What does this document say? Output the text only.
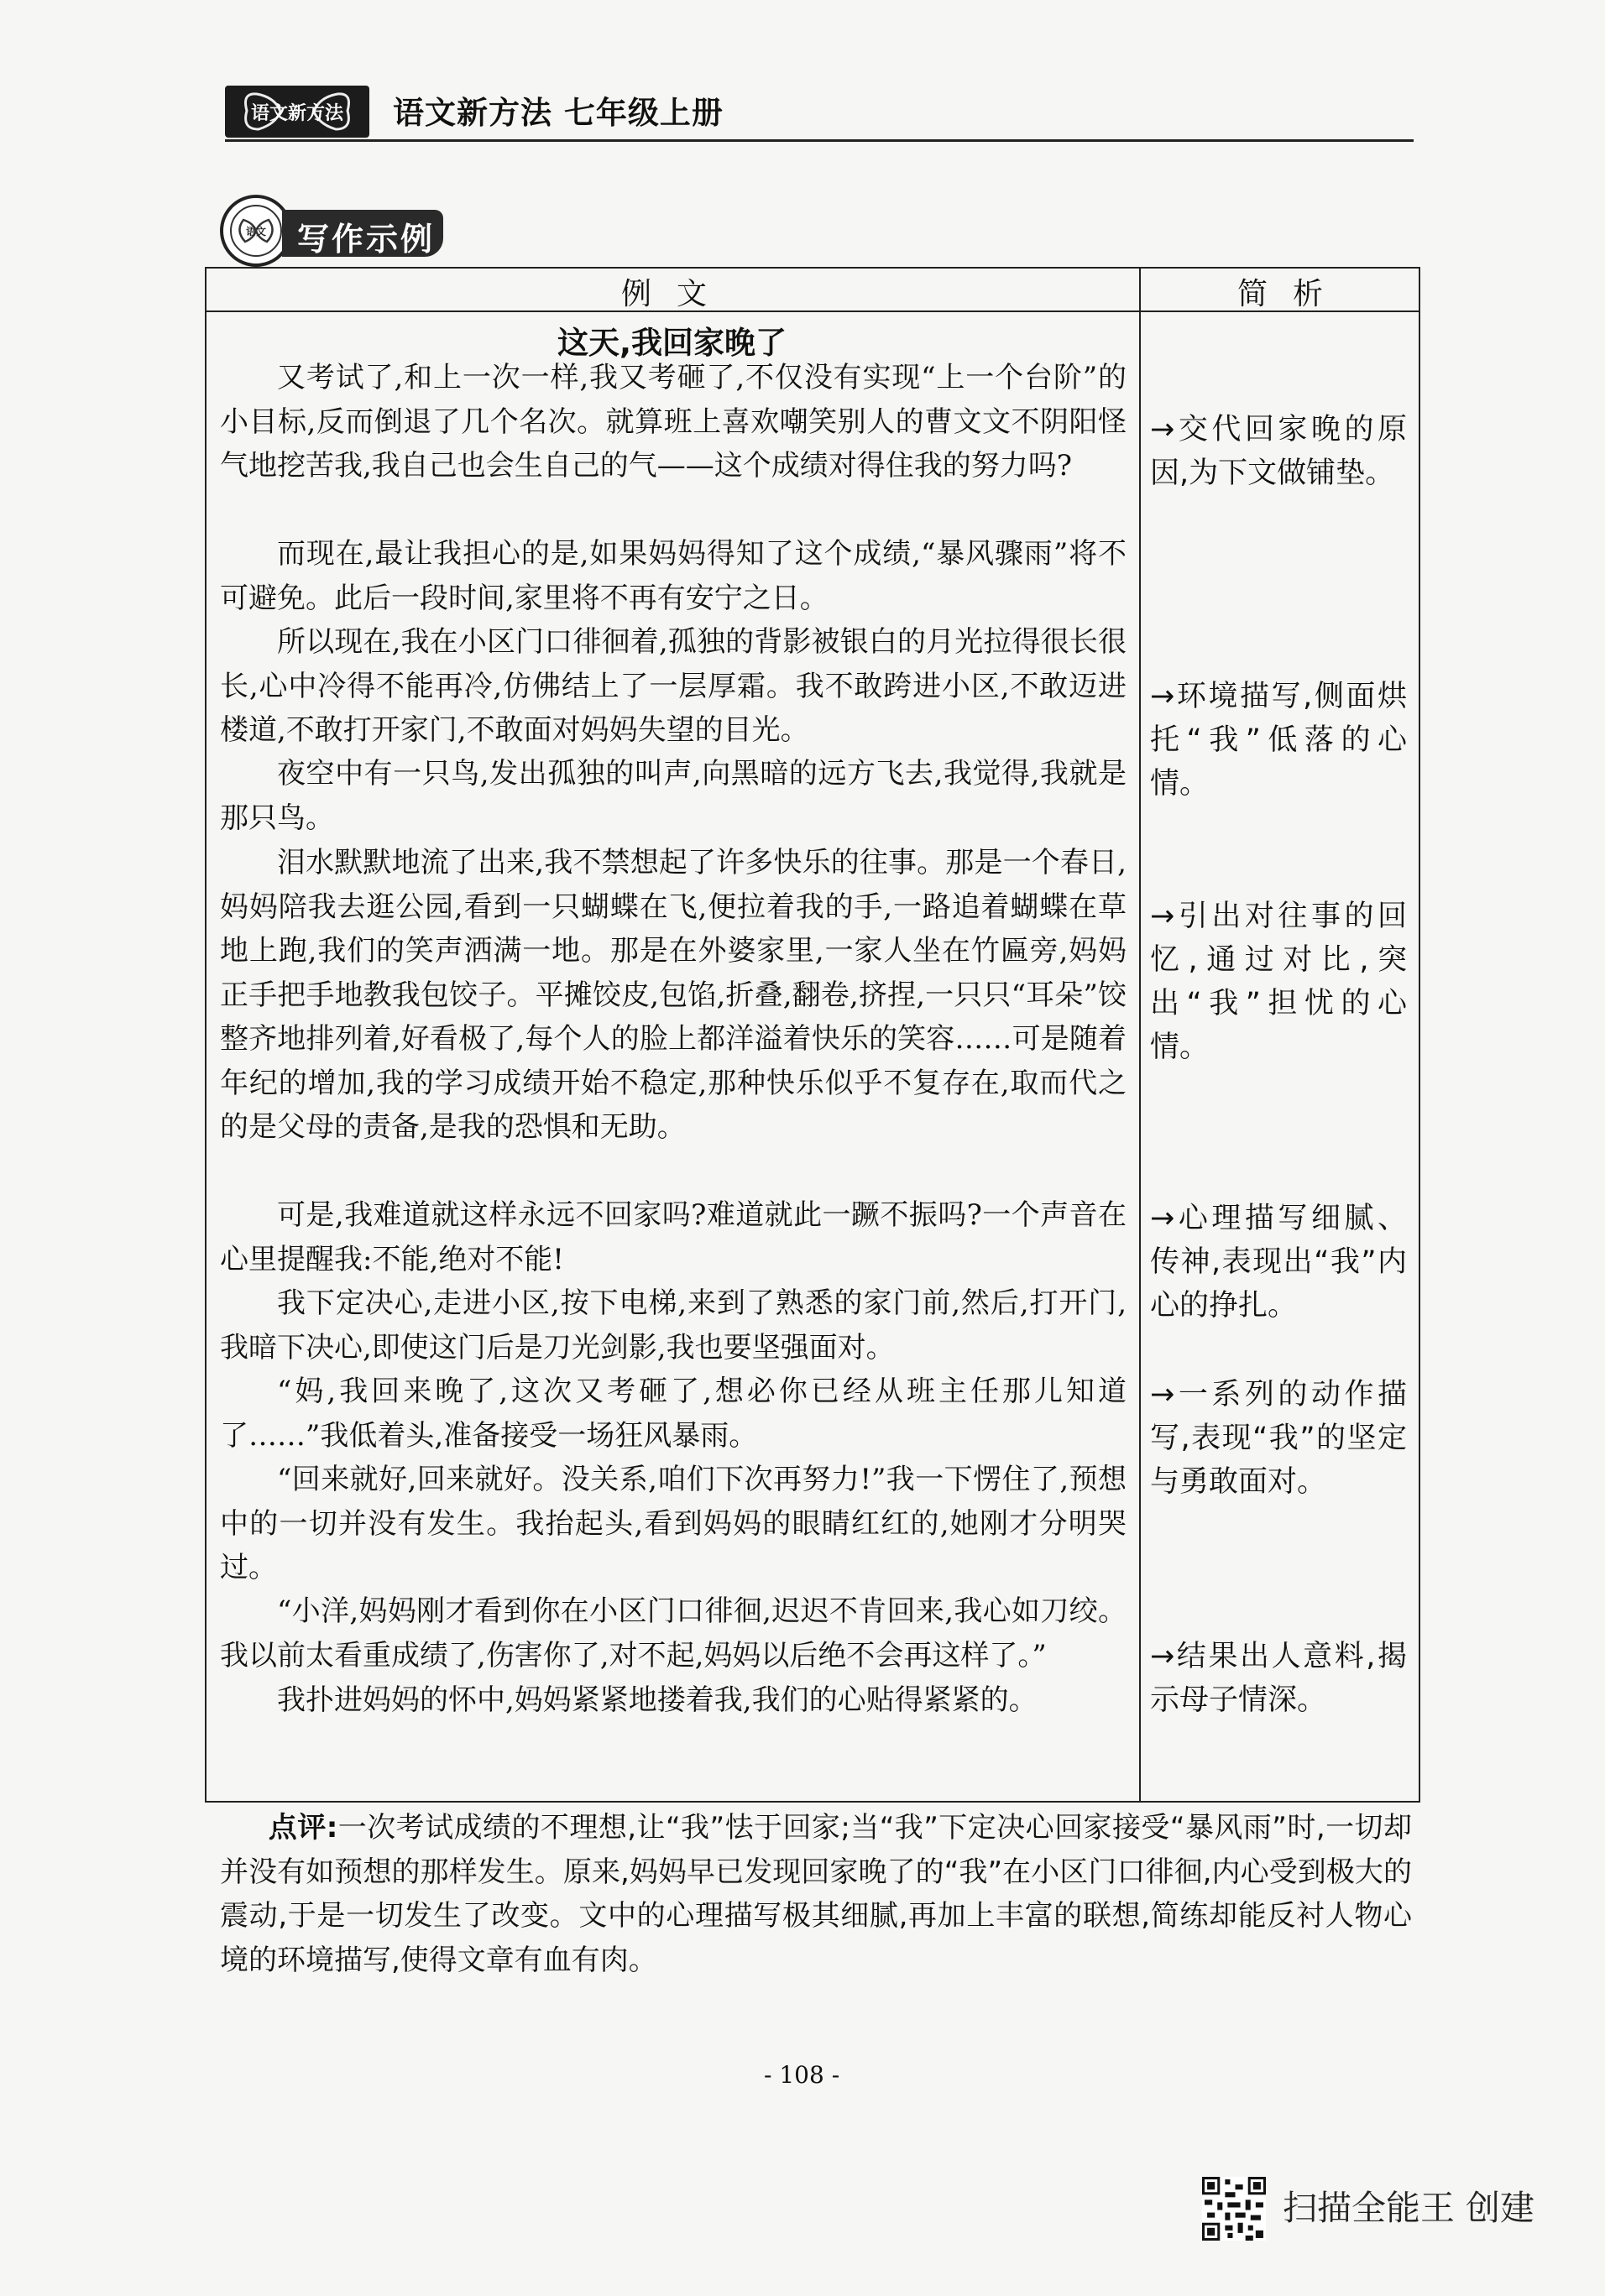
语文新方法 语文新方法 七年级上册
语文 写作示例
例文	简析
这天,我回家晚了
又考试了,和上一次一样,我又考砸了,不仅没有实现“上一个台阶”的小目标,反而倒退了几个名次。就算班上喜欢嘲笑别人的曹文文不阴阳怪气地挖苦我,我自己也会生自己的气——这个成绩对得住我的努力吗?
而现在,最让我担心的是,如果妈妈得知了这个成绩,“暴风骤雨”将不可避免。此后一段时间,家里将不再有安宁之日。
所以现在,我在小区门口徘徊着,孤独的背影被银白的月光拉得很长很长,心中冷得不能再冷,仿佛结上了一层厚霜。我不敢跨进小区,不敢迈进楼道,不敢打开家门,不敢面对妈妈失望的目光。
夜空中有一只鸟,发出孤独的叫声,向黑暗的远方飞去,我觉得,我就是那只鸟。
泪水默默地流了出来,我不禁想起了许多快乐的往事。那是一个春日,妈妈陪我去逛公园,看到一只蝴蝶在飞,便拉着我的手,一路追着蝴蝶在草地上跑,我们的笑声洒满一地。那是在外婆家里,一家人坐在竹匾旁,妈妈正手把手地教我包饺子。平摊饺皮,包馅,折叠,翻卷,挤捏,一只只“耳朵”饺整齐地排列着,好看极了,每个人的脸上都洋溢着快乐的笑容……可是随着年纪的增加,我的学习成绩开始不稳定,那种快乐似乎不复存在,取而代之的是父母的责备,是我的恐惧和无助。
可是,我难道就这样永远不回家吗?难道就此一蹶不振吗?一个声音在心里提醒我:不能,绝对不能!
我下定决心,走进小区,按下电梯,来到了熟悉的家门前,然后,打开门,我暗下决心,即使这门后是刀光剑影,我也要坚强面对。
“妈,我回来晚了,这次又考砸了,想必你已经从班主任那儿知道了……”我低着头,准备接受一场狂风暴雨。
“回来就好,回来就好。没关系,咱们下次再努力!”我一下愣住了,预想中的一切并没有发生。我抬起头,看到妈妈的眼睛红红的,她刚才分明哭过。
“小洋,妈妈刚才看到你在小区门口徘徊,迟迟不肯回来,我心如刀绞。我以前太看重成绩了,伤害你了,对不起,妈妈以后绝不会再这样了。”
我扑进妈妈的怀中,妈妈紧紧地搂着我,我们的心贴得紧紧的。
→交代回家晚的原因,为下文做铺垫。
→环境描写,侧面烘托“我”低落的心情。
→引出对往事的回忆,通过对比,突出“我”担忧的心情。
→心理描写细腻、传神,表现出“我”内心的挣扎。
→一系列的动作描写,表现“我”的坚定与勇敢面对。
→结果出人意料,揭示母子情深。
点评:一次考试成绩的不理想,让“我”怯于回家;当“我”下定决心回家接受“暴风雨”时,一切却并没有如预想的那样发生。原来,妈妈早已发现回家晚了的“我”在小区门口徘徊,内心受到极大的震动,于是一切发生了改变。文中的心理描写极其细腻,再加上丰富的联想,简练却能反衬人物心境的环境描写,使得文章有血有肉。
- 108 -
扫描全能王 创建
